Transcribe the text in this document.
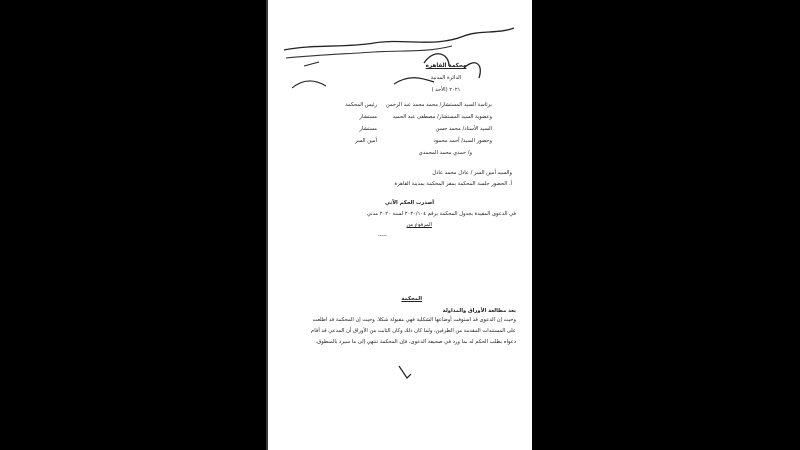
محكمة القاهرة
الدائرة المدنية
٢٠٢١ (الأحد )
برئاسة السيد المستشار/ محمد محمد عبد الرحمن
رئيس المحكمة
وعضوية السيد المستشار/ مصطفى عبد الحميد
مستشار
السيد الأستاذ/ محمد حسن
مستشار
وحضور السيد/ أحمد محمود
أمين السر
و/ حمدي محمد المحمدي
والسيد أمين السر / عادل محمد عادل
أ. الحضور جلسة المحكمة بمقر المحكمة بمدينة القاهرة
أصدرت الحكم الآتي
في الدعوى المقيدة بجدول المحكمة برقم ٢٠٢٠/١٠٤ لسنة ٢٠٢٠ مدني
المرفوع من
-----
المحكمة
بعد مطالعة الأوراق والمداولة
وحيث إن الدعوى قد استوفت أوضاعها الشكلية فهي مقبولة شكلا. وحيث إن المحكمة قد اطلعت على المستندات المقدمة من الطرفين، ولما كان ذلك وكان الثابت من الأوراق أن المدعي قد أقام دعواه بطلب الحكم له بما ورد في صحيفة الدعوى، فإن المحكمة تنتهي إلى ما سيرد بالمنطوق.
